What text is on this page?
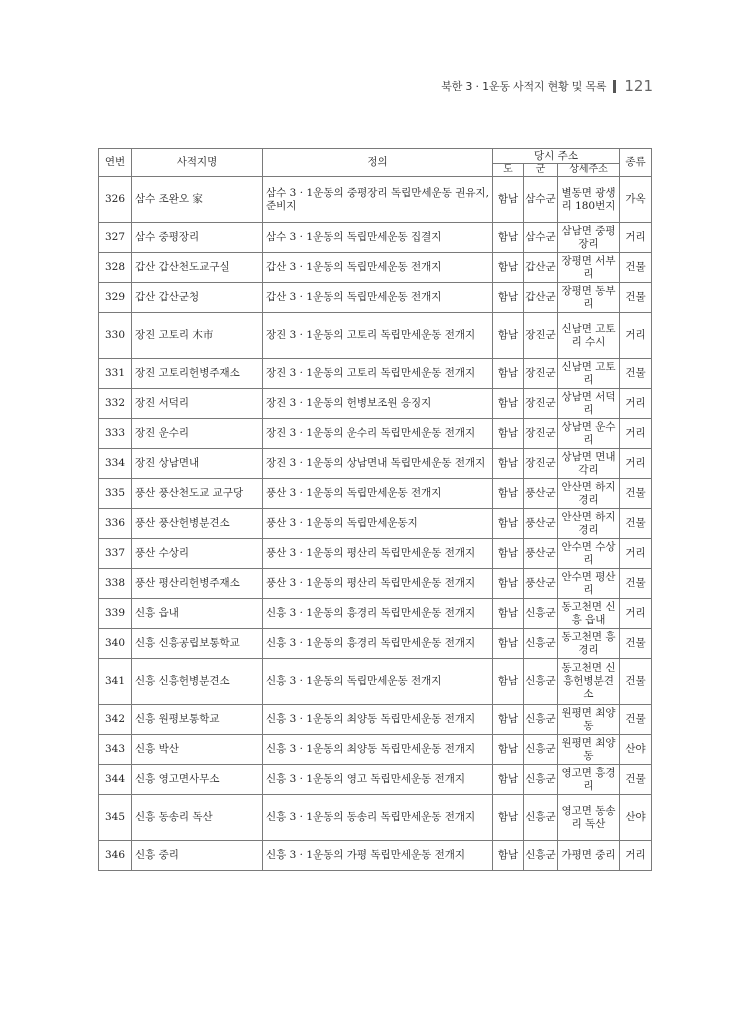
북한 3 · 1운동 사적지 현황 및 목록 121
연번	사적지명	정의	당시 주소			종류
			도	군	상세주소	
326	삼수 조완오 家	삼수 3 · 1운동의 중평장리 독립만세운동 권유지, 준비지	함남	삼수군	별동면 광생리 180번지	가옥
327	삼수 중평장리	삼수 3 · 1운동의 독립만세운동 집결지	함남	삼수군	삼남면 중평장리	거리
328	갑산 갑산천도교구실	갑산 3 · 1운동의 독립만세운동 전개지	함남	갑산군	장평면 서부리	건물
329	갑산 갑산군청	갑산 3 · 1운동의 독립만세운동 전개지	함남	갑산군	장평면 동부리	건물
330	장진 고토리 木市	장진 3 · 1운동의 고토리 독립만세운동 전개지	함남	장진군	신남면 고토리 수시	거리
331	장진 고토리헌병주재소	장진 3 · 1운동의 고토리 독립만세운동 전개지	함남	장진군	신남면 고토리	건물
332	장진 서덕리	장진 3 · 1운동의 헌병보조원 응징지	함남	장진군	상남면 서덕리	거리
333	장진 운수리	장진 3 · 1운동의 운수리 독립만세운동 전개지	함남	장진군	상남면 운수리	거리
334	장진 상남면내	장진 3 · 1운동의 상남면내 독립만세운동 전개지	함남	장진군	상남면 면내 각리	거리
335	풍산 풍산천도교 교구당	풍산 3 · 1운동의 독립만세운동 전개지	함남	풍산군	안산면 하지경리	건물
336	풍산 풍산헌병분견소	풍산 3 · 1운동의 독립만세운동지	함남	풍산군	안산면 하지경리	건물
337	풍산 수상리	풍산 3 · 1운동의 평산리 독립만세운동 전개지	함남	풍산군	안수면 수상리	거리
338	풍산 평산리헌병주재소	풍산 3 · 1운동의 평산리 독립만세운동 전개지	함남	풍산군	안수면 평산리	건물
339	신흥 읍내	신흥 3 · 1운동의 흥경리 독립만세운동 전개지	함남	신흥군	동고천면 신흥 읍내	거리
340	신흥 신흥공립보통학교	신흥 3 · 1운동의 흥경리 독립만세운동 전개지	함남	신흥군	동고천면 흥경리	건물
341	신흥 신흥헌병분견소	신흥 3 · 1운동의 독립만세운동 전개지	함남	신흥군	동고천면 신흥헌병분견소	건물
342	신흥 원평보통학교	신흥 3 · 1운동의 최양동 독립만세운동 전개지	함남	신흥군	원평면 최양동	건물
343	신흥 박산	신흥 3 · 1운동의 최양동 독립만세운동 전개지	함남	신흥군	원평면 최양동	산야
344	신흥 영고면사무소	신흥 3 · 1운동의 영고 독립만세운동 전개지	함남	신흥군	영고면 흥경리	건물
345	신흥 동송리 독산	신흥 3 · 1운동의 동송리 독립만세운동 전개지	함남	신흥군	영고면 동송리 독산	산야
346	신흥 중리	신흥 3 · 1운동의 가평 독립만세운동 전개지	함남	신흥군	가평면 중리	거리
